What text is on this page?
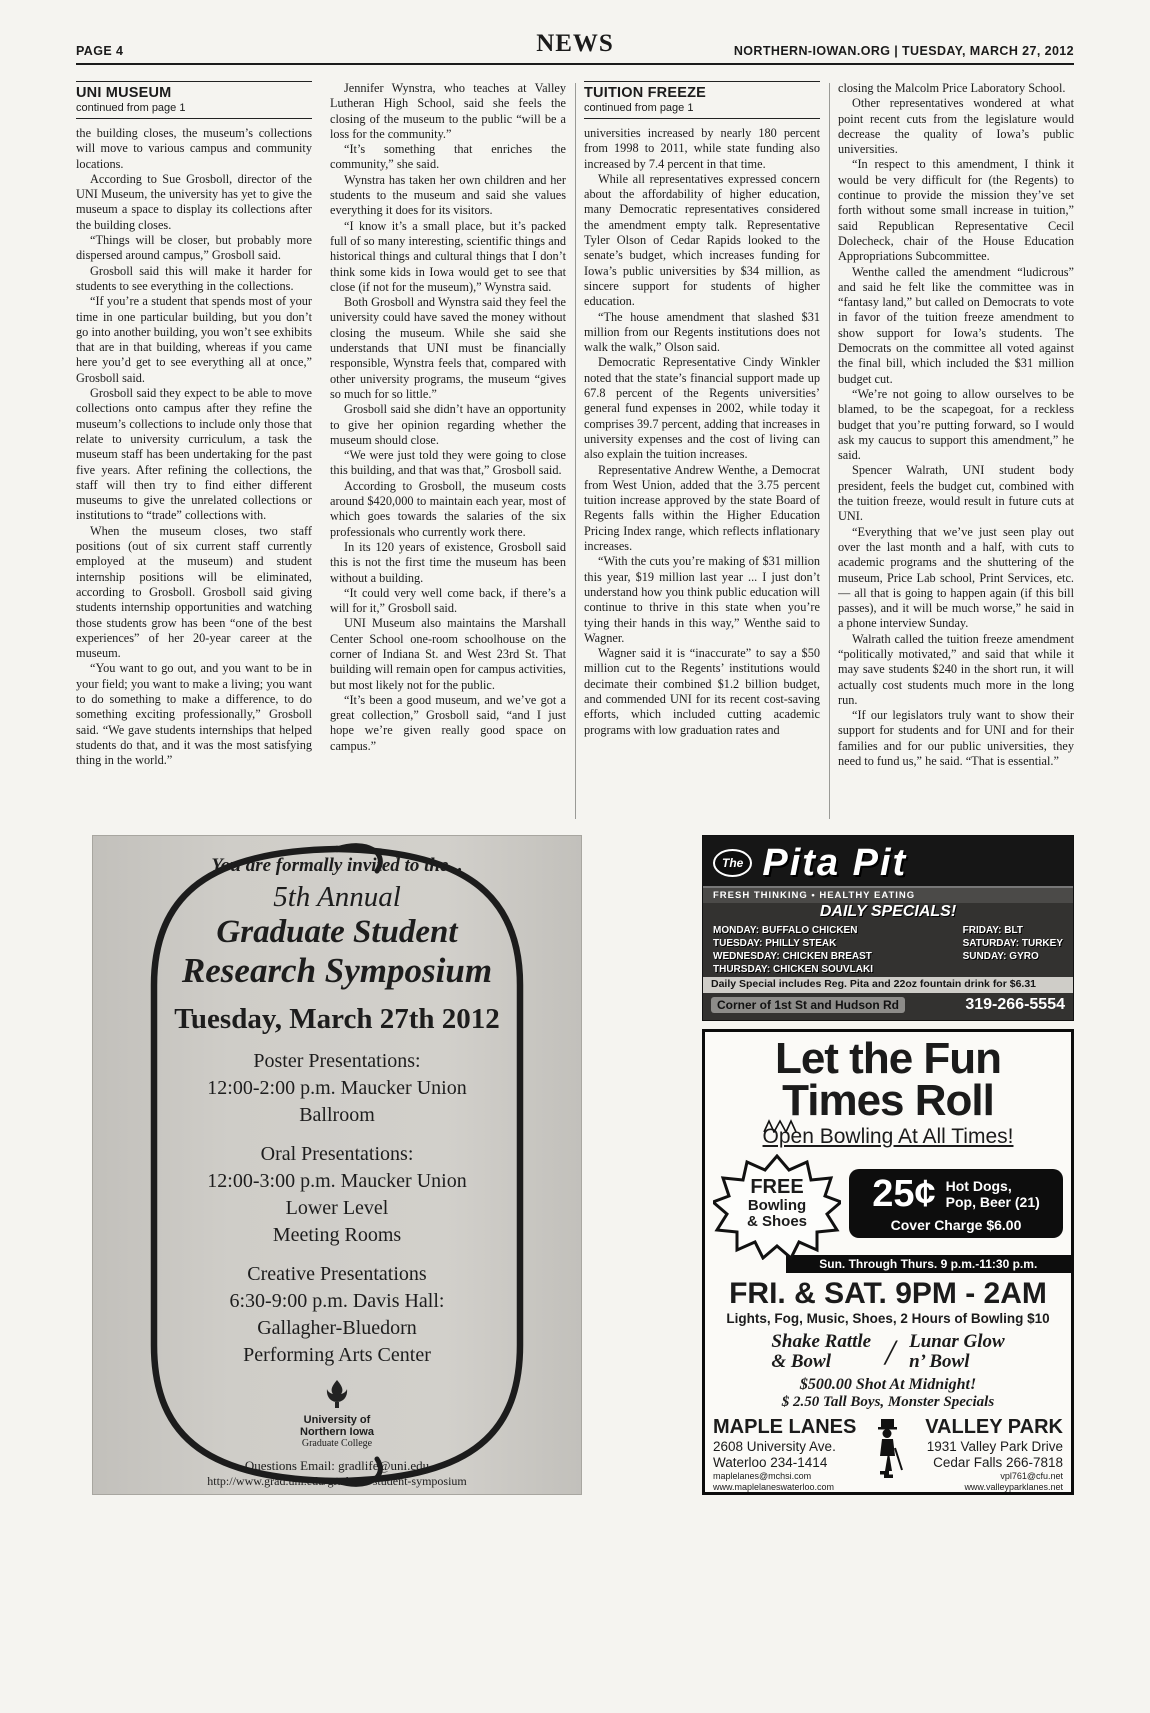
PAGE 4	NEWS	NORTHERN-IOWAN.ORG | TUESDAY, MARCH 27, 2012
UNI MUSEUM
continued from page 1

the building closes, the museum’s collections will move to various campus and community locations.

According to Sue Grosboll, director of the UNI Museum, the university has yet to give the museum a space to display its collections after the building closes.

“Things will be closer, but probably more dispersed around campus,” Grosboll said.

Grosboll said this will make it harder for students to see everything in the collections.

“If you’re a student that spends most of your time in one particular building, but you don’t go into another building, you won’t see exhibits that are in that building, whereas if you came here you’d get to see everything all at once,” Grosboll said.

Grosboll said they expect to be able to move collections onto campus after they refine the museum’s collections to include only those that relate to university curriculum, a task the museum staff has been undertaking for the past five years. After refining the collections, the staff will then try to find either different museums to give the unrelated collections or institutions to “trade” collections with.

When the museum closes, two staff positions (out of six current staff currently employed at the museum) and student internship positions will be eliminated, according to Grosboll. Grosboll said giving students internship opportunities and watching those students grow has been “one of the best experiences” of her 20-year career at the museum.

“You want to go out, and you want to be in your field; you want to make a living; you want to do something to make a difference, to do something exciting professionally,” Grosboll said. “We gave students internships that helped students do that, and it was the most satisfying thing in the world.”

Jennifer Wynstra, who teaches at Valley Lutheran High School, said she feels the closing of the museum to the public “will be a loss for the community.”

“It’s something that enriches the community,” she said.

Wynstra has taken her own children and her students to the museum and said she values everything it does for its visitors.

“I know it’s a small place, but it’s packed full of so many interesting, scientific things and historical things and cultural things that I don’t think some kids in Iowa would get to see that close (if not for the museum),” Wynstra said.

Both Grosboll and Wynstra said they feel the university could have saved the money without closing the museum. While she said she understands that UNI must be financially responsible, Wynstra feels that, compared with other university programs, the museum “gives so much for so little.”

Grosboll said she didn’t have an opportunity to give her opinion regarding whether the museum should close.

“We were just told they were going to close this building, and that was that,” Grosboll said.

According to Grosboll, the museum costs around $420,000 to maintain each year, most of which goes towards the salaries of the six professionals who currently work there.

In its 120 years of existence, Grosboll said this is not the first time the museum has been without a building.

“It could very well come back, if there’s a will for it,” Grosboll said.

UNI Museum also maintains the Marshall Center School one-room schoolhouse on the corner of Indiana St. and West 23rd St. That building will remain open for campus activities, but most likely not for the public.

“It’s been a good museum, and we’ve got a great collection,” Grosboll said, “and I just hope we’re given really good space on campus.”

TUITION FREEZE
continued from page 1

universities increased by nearly 180 percent from 1998 to 2011, while state funding also increased by 7.4 percent in that time.

While all representatives expressed concern about the affordability of higher education, many Democratic representatives considered the amendment empty talk. Representative Tyler Olson of Cedar Rapids looked to the senate’s budget, which increases funding for Iowa’s public universities by $34 million, as sincere support for students of higher education.

“The house amendment that slashed $31 million from our Regents institutions does not walk the walk,” Olson said.

Democratic Representative Cindy Winkler noted that the state’s financial support made up 67.8 percent of the Regents universities’ general fund expenses in 2002, while today it comprises 39.7 percent, adding that increases in university expenses and the cost of living can also explain the tuition increases.

Representative Andrew Wenthe, a Democrat from West Union, added that the 3.75 percent tuition increase approved by the state Board of Regents falls within the Higher Education Pricing Index range, which reflects inflationary increases.

“With the cuts you’re making of $31 million this year, $19 million last year ... I just don’t understand how you think public education will continue to thrive in this state when you’re tying their hands in this way,” Wenthe said to Wagner.

Wagner said it is “inaccurate” to say a $50 million cut to the Regents’ institutions would decimate their combined $1.2 billion budget, and commended UNI for its recent cost-saving efforts, which included cutting academic programs with low graduation rates and

closing the Malcolm Price Laboratory School.

Other representatives wondered at what point recent cuts from the legislature would decrease the quality of Iowa’s public universities.

“In respect to this amendment, I think it would be very difficult for (the Regents) to continue to provide the mission they’ve set forth without some small increase in tuition,” said Republican Representative Cecil Dolecheck, chair of the House Education Appropriations Subcommittee.

Wenthe called the amendment “ludicrous” and said he felt like the committee was in “fantasy land,” but called on Democrats to vote in favor of the tuition freeze amendment to show support for Iowa’s students. The Democrats on the committee all voted against the final bill, which included the $31 million budget cut.

“We’re not going to allow ourselves to be blamed, to be the scapegoat, for a reckless budget that you’re putting forward, so I would ask my caucus to support this amendment,” he said.

Spencer Walrath, UNI student body president, feels the budget cut, combined with the tuition freeze, would result in future cuts at UNI.

“Everything that we’ve just seen play out over the last month and a half, with cuts to academic programs and the shuttering of the museum, Price Lab school, Print Services, etc. — all that is going to happen again (if this bill passes), and it will be much worse,” he said in a phone interview Sunday.

Walrath called the tuition freeze amendment “politically motivated,” and said that while it may save students $240 in the short run, it will actually cost students much more in the long run.

“If our legislators truly want to show their support for students and for UNI and for their families and for our public universities, they need to fund us,” he said. “That is essential.”

You are formally invited to the...
5th Annual
Graduate Student
Research Symposium
Tuesday, March 27th 2012
Poster Presentations:
12:00-2:00 p.m. Maucker Union
Ballroom
Oral Presentations:
12:00-3:00 p.m. Maucker Union
Lower Level
Meeting Rooms
Creative Presentations
6:30-9:00 p.m. Davis Hall:
Gallagher-Bluedorn
Performing Arts Center
University of
Northern Iowa
Graduate College
Questions Email: gradlife@uni.edu
http://www.grad.uni.edu/graduate-student-symposium
The Pita Pit
FRESH THINKING • HEALTHY EATING
DAILY SPECIALS!
MONDAY: BUFFALO CHICKEN
TUESDAY: PHILLY STEAK
WEDNESDAY: CHICKEN BREAST
THURSDAY: CHICKEN SOUVLAKI
FRIDAY: BLT
SATURDAY: TURKEY
SUNDAY: GYRO
Daily Special includes Reg. Pita and 22oz fountain drink for $6.31
Corner of 1st St and Hudson Rd	319-266-5554
Let the Fun
Times Roll
Open Bowling At All Times!
FREE
Bowling
& Shoes
25¢ Hot Dogs,
Pop, Beer (21)
Cover Charge $6.00
Sun. Through Thurs. 9 p.m.-11:30 p.m.
FRI. & SAT. 9PM - 2AM
Lights, Fog, Music, Shoes, 2 Hours of Bowling $10
Shake Rattle
& Bowl	/ Lunar Glow
n’ Bowl
$500.00 Shot At Midnight!
$ 2.50 Tall Boys, Monster Specials
MAPLE LANES
2608 University Ave.
Waterloo 234-1414
maplelanes@mchsi.com
www.maplelaneswaterloo.com
VALLEY PARK
1931 Valley Park Drive
Cedar Falls 266-7818
vpl761@cfu.net
www.valleyparklanes.net
